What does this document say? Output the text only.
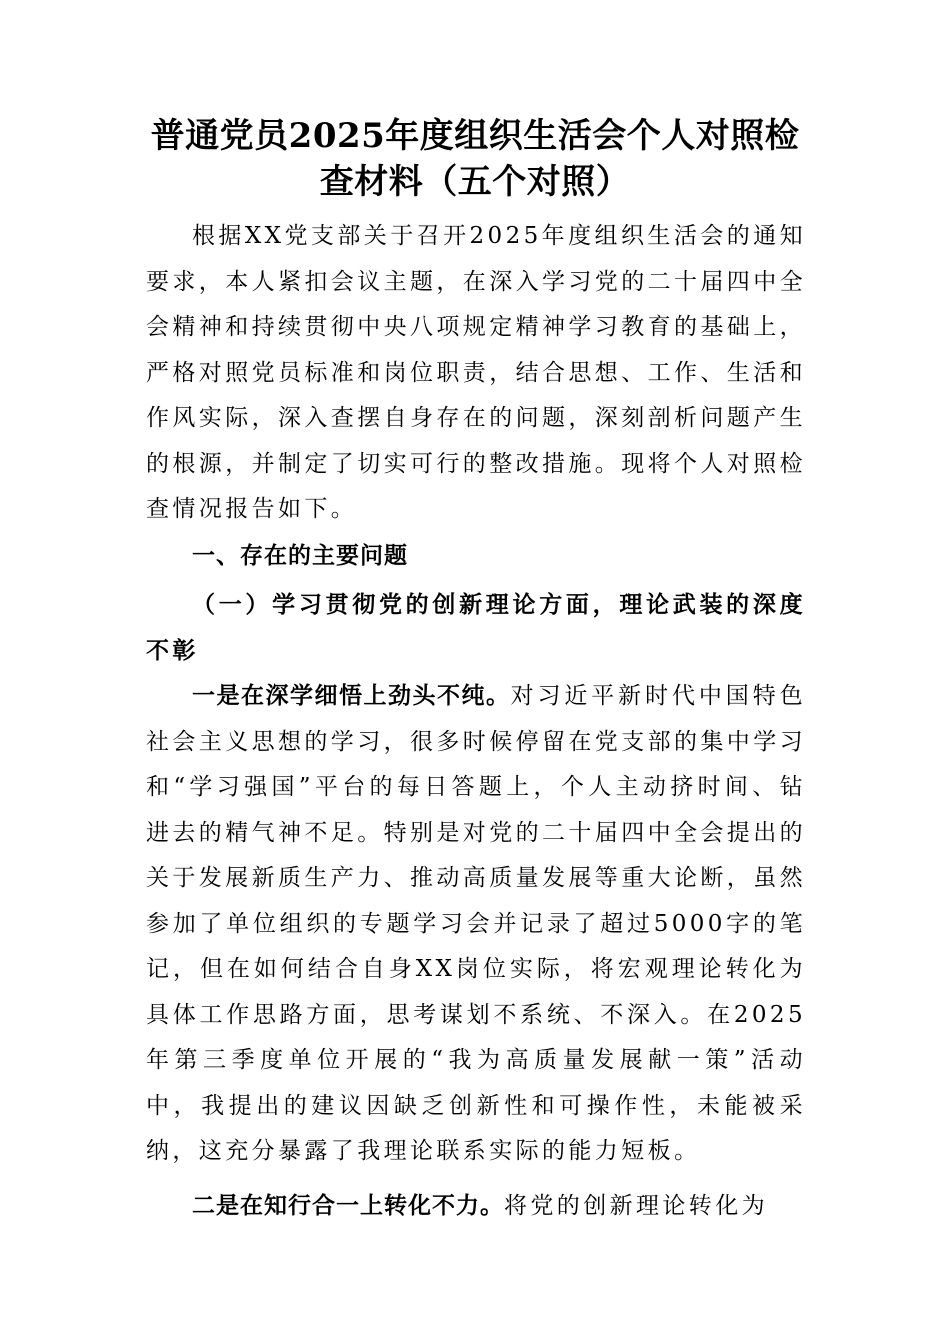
普通党员2025年度组织生活会个人对照检
查材料（五个对照）

根据XX党支部关于召开2025年度组织生活会的通知要求，本人紧扣会议主题，在深入学习党的二十届四中全会精神和持续贯彻中央八项规定精神学习教育的基础上，严格对照党员标准和岗位职责，结合思想、工作、生活和作风实际，深入查摆自身存在的问题，深刻剖析问题产生的根源，并制定了切实可行的整改措施。现将个人对照检查情况报告如下。

一、存在的主要问题
（一）学习贯彻党的创新理论方面，理论武装的深度不彰

一是在深学细悟上劲头不纯。对习近平新时代中国特色社会主义思想的学习，很多时候停留在党支部的集中学习和“学习强国”平台的每日答题上，个人主动挤时间、钻进去的精气神不足。特别是对党的二十届四中全会提出的关于发展新质生产力、推动高质量发展等重大论断，虽然参加了单位组织的专题学习会并记录了超过5000字的笔记，但在如何结合自身XX岗位实际，将宏观理论转化为具体工作思路方面，思考谋划不系统、不深入。在2025年第三季度单位开展的“我为高质量发展献一策”活动中，我提出的建议因缺乏创新性和可操作性，未能被采纳，这充分暴露了我理论联系实际的能力短板。

二是在知行合一上转化不力。将党的创新理论转化为
